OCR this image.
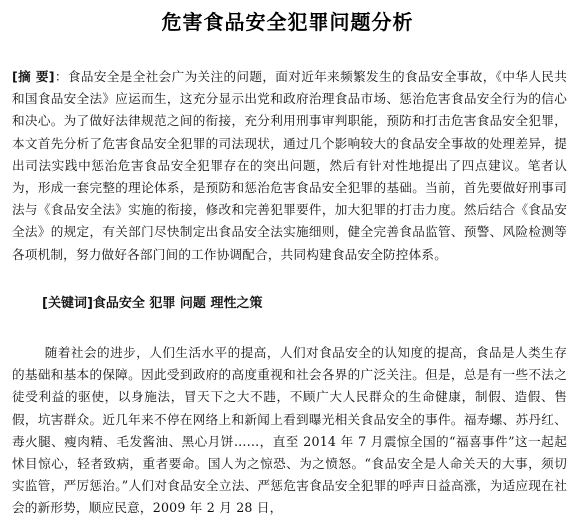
危害食品安全犯罪问题分析
[摘 要]：食品安全是全社会广为关注的问题，面对近年来频繁发生的食品安全事故，《中华人民共和国食品安全法》应运而生，这充分显示出党和政府治理食品市场、惩治危害食品安全行为的信心和决心。为了做好法律规范之间的衔接，充分利用刑事审判职能，预防和打击危害食品安全犯罪，本文首先分析了危害食品安全犯罪的司法现状，通过几个影响较大的食品安全事故的处理差异，提出司法实践中惩治危害食品安全犯罪存在的突出问题，然后有针对性地提出了四点建议。笔者认为，形成一套完整的理论体系，是预防和惩治危害食品安全犯罪的基础。当前，首先要做好刑事司法与《食品安全法》实施的衔接，修改和完善犯罪要件，加大犯罪的打击力度。然后结合《食品安全法》的规定，有关部门尽快制定出食品安全法实施细则，健全完善食品监管、预警、风险检测等各项机制，努力做好各部门间的工作协调配合，共同构建食品安全防控体系。
[关键词]食品安全 犯罪 问题 理性之策
随着社会的进步，人们生活水平的提高，人们对食品安全的认知度的提高，食品是人类生存的基础和基本的保障。因此受到政府的高度重视和社会各界的广泛关注。但是，总是有一些不法之徒受利益的驱使，以身施法，冒天下之大不韪，不顾广大人民群众的生命健康，制假、造假、售假，坑害群众。近几年来不停在网络上和新闻上看到曝光相关食品安全的事件。福寿螺、苏丹红、毒火腿、瘦肉精、毛发酱油、黑心月饼……，直至 2014 年 7 月震惊全国的“福喜事件”这一起起怵目惊心，轻者致病，重者要命。国人为之惊恐、为之愤怒。“食品安全是人命关天的大事，须切实监管，严厉惩治。”人们对食品安全立法、严惩危害食品安全犯罪的呼声日益高涨，为适应现在社会的新形势，顺应民意，2009 年 2 月 28 日，
